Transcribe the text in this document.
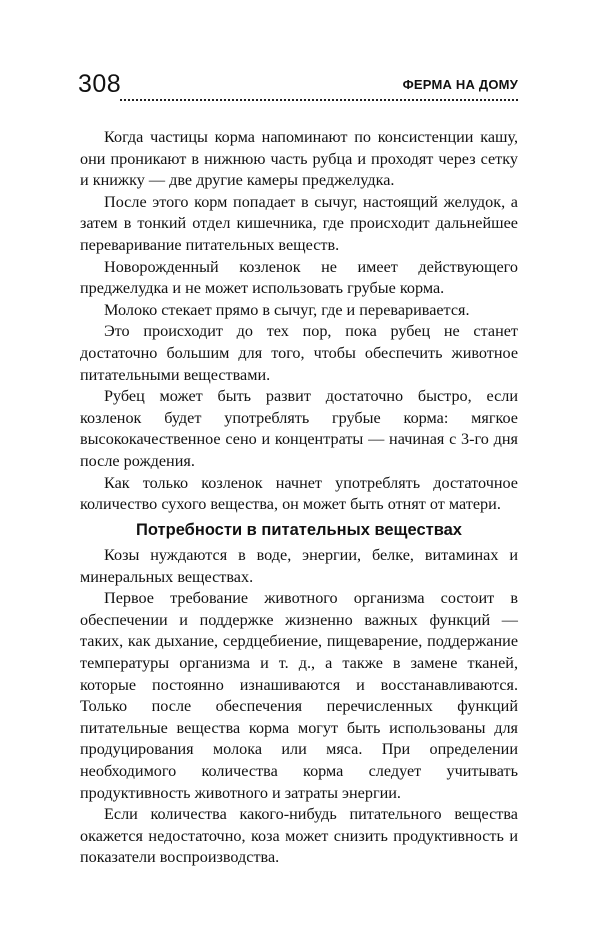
308	ФЕРМА НА ДОМУ

Когда частицы корма напоминают по консистенции кашу, они проникают в нижнюю часть рубца и проходят через сетку и книжку — две другие камеры преджелудка.

После этого корм попадает в сычуг, настоящий желудок, а затем в тонкий отдел кишечника, где происходит дальнейшее переваривание питательных веществ.

Новорожденный козленок не имеет действующего преджелудка и не может использовать грубые корма.

Молоко стекает прямо в сычуг, где и переваривается.

Это происходит до тех пор, пока рубец не станет достаточно большим для того, чтобы обеспечить животное питательными веществами.

Рубец может быть развит достаточно быстро, если козленок будет употреблять грубые корма: мягкое высококачественное сено и концентраты — начиная с 3-го дня после рождения.

Как только козленок начнет употреблять достаточное количество сухого вещества, он может быть отнят от матери.

Потребности в питательных веществах

Козы нуждаются в воде, энергии, белке, витаминах и минеральных веществах.

Первое требование животного организма состоит в обеспечении и поддержке жизненно важных функций — таких, как дыхание, сердцебиение, пищеварение, поддержание температуры организма и т. д., а также в замене тканей, которые постоянно изнашиваются и восстанавливаются. Только после обеспечения перечисленных функций питательные вещества корма могут быть использованы для продуцирования молока или мяса. При определении необходимого количества корма следует учитывать продуктивность животного и затраты энергии.

Если количества какого-нибудь питательного вещества окажется недостаточно, коза может снизить продуктивность и показатели воспроизводства.
